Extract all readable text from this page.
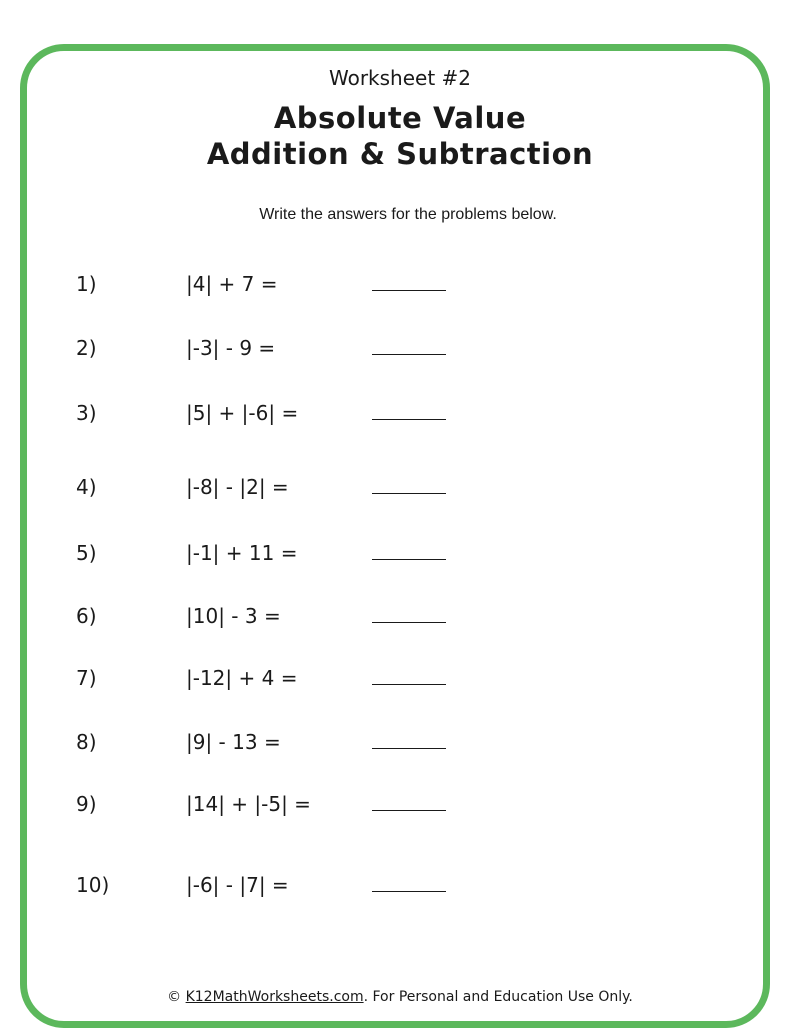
Worksheet #2
Absolute Value
Addition & Subtraction
Write the answers for the problems below.
1)	|4| + 7 =
2)	|-3| - 9 =
3)	|5| + |-6| =
4)	|-8| - |2| =
5)	|-1| + 11 =
6)	|10| - 3 =
7)	|-12| + 4 =
8)	|9| - 13 =
9)	|14| + |-5| =
10)	|-6| - |7| =
© K12MathWorksheets.com. For Personal and Education Use Only.
